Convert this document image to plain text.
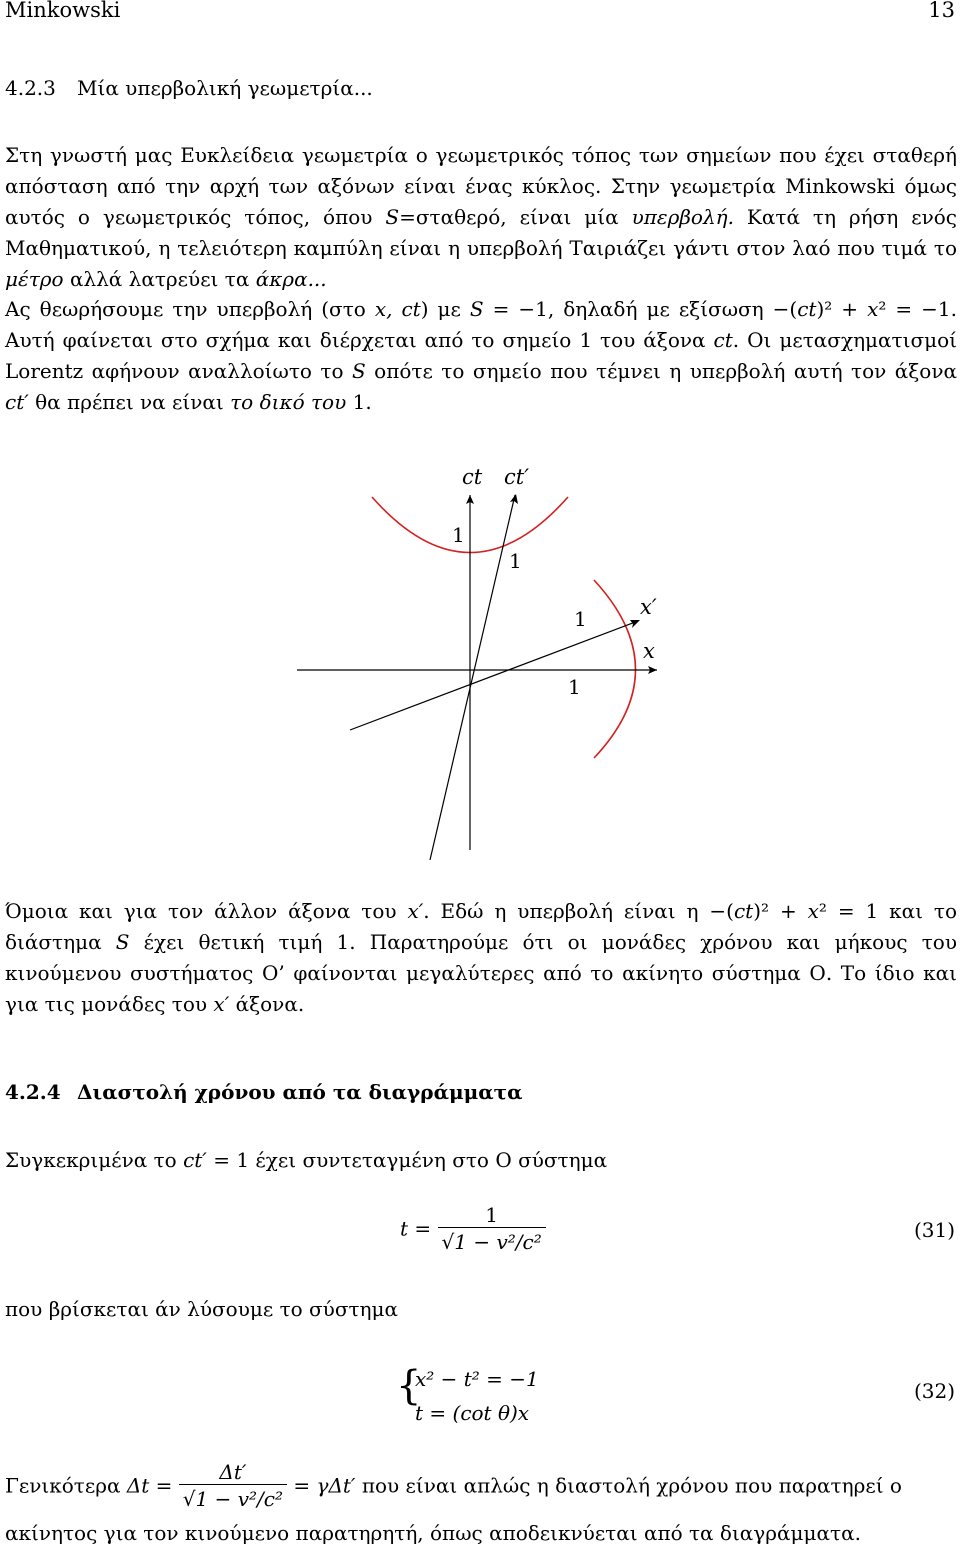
Minkowski	13
4.2.3 Μία υπερβολική γεωμετρία...
Στη γνωστή μας Ευκλείδεια γεωμετρία ο γεωμετρικός τόπος των σημείων που έχει σταθερή απόσταση από την αρχή των αξόνων είναι ένας κύκλος. Στην γεωμετρία Minkowski όμως αυτός ο γεωμετρικός τόπος, όπου S=σταθερό, είναι μία υπερβολή. Κατά τη ρήση ενός Μαθηματικού, η τελειότερη καμπύλη είναι η υπερβολή Ταιριάζει γάντι στον λαό που τιμά το μέτρο αλλά λατρεύει τα άκρα...
Ας θεωρήσουμε την υπερβολή (στο x, ct) με S = −1, δηλαδή με εξίσωση −(ct)² + x² = −1. Αυτή φαίνεται στο σχήμα και διέρχεται από το σημείο 1 του άξονα ct. Οι μετασχηματισμοί Lorentz αφήνουν αναλλοίωτο το S οπότε το σημείο που τέμνει η υπερβολή αυτή τον άξονα ct′ θα πρέπει να είναι το δικό του 1.
ct ct′
1
1
1
1
x′
x
Όμοια και για τον άλλον άξονα του x′. Εδώ η υπερβολή είναι η −(ct)² + x² = 1 και το διάστημα S έχει θετική τιμή 1. Παρατηρούμε ότι οι μονάδες χρόνου και μήκους του κινούμενου συστήματος Ο’ φαίνονται μεγαλύτερες από το ακίνητο σύστημα Ο. Το ίδιο και για τις μονάδες του x′ άξονα.
4.2.4 Διαστολή χρόνου από τα διαγράμματα
Συγκεκριμένα το ct′ = 1 έχει συντεταγμένη στο Ο σύστημα
$t = \frac{1}{\text{√1 − v²/c²}}$	(31)
που βρίσκεται άν λύσουμε το σύστημα
{
x² − t² = −1
t = (cot θ)x
(32)
Γενικότερα $\Delta t = \frac{\Delta t'}{\text{√1 − v²/c²}} = \gamma\Delta t'$ που είναι απλώς η διαστολή χρόνου που παρατηρεί ο
ακίνητος για τον κινούμενο παρατηρητή, όπως αποδεικνύεται από τα διαγράμματα.
